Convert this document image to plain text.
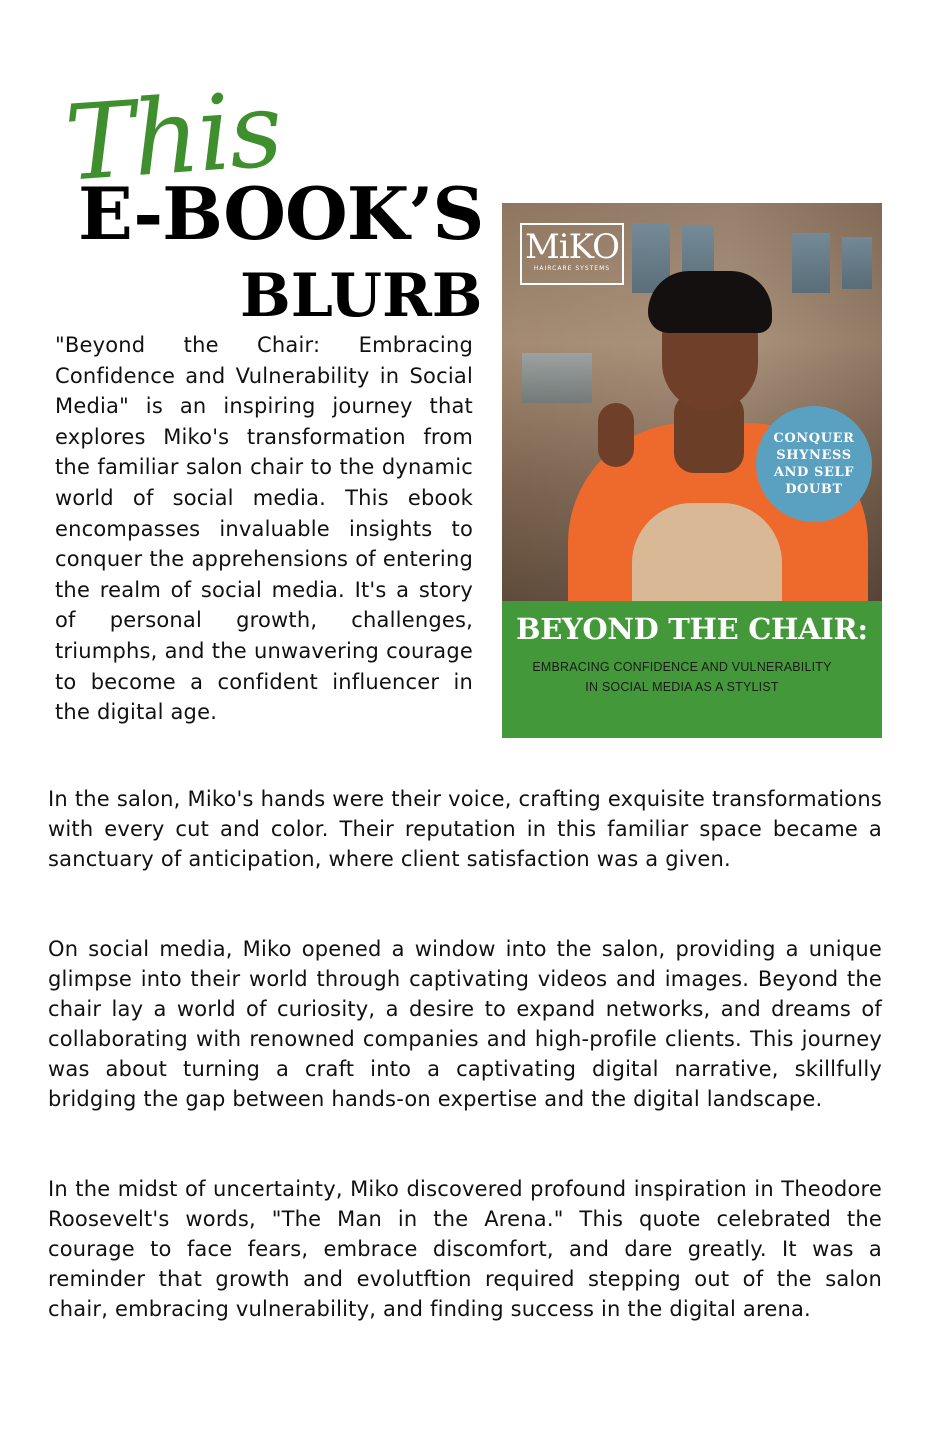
This
E-BOOK’S
BLURB
"Beyond the Chair: Embracing Confidence and Vulnerability in Social Media" is an inspiring journey that explores Miko's transformation from the familiar salon chair to the dynamic world of social media. This ebook encompasses invaluable insights to conquer the apprehensions of entering the realm of social media. It's a story of personal growth, challenges, triumphs, and the unwavering courage to become a confident influencer in the digital age.
MiKO
HAIRCARE SYSTEMS
CONQUER SHYNESS AND SELF DOUBT
BEYOND THE CHAIR:
EMBRACING CONFIDENCE AND VULNERABILITY
IN SOCIAL MEDIA AS A STYLIST
In the salon, Miko's hands were their voice, crafting exquisite transformations with every cut and color. Their reputation in this familiar space became a sanctuary of anticipation, where client satisfaction was a given.
On social media, Miko opened a window into the salon, providing a unique glimpse into their world through captivating videos and images. Beyond the chair lay a world of curiosity, a desire to expand networks, and dreams of collaborating with renowned companies and high-profile clients. This journey was about turning a craft into a captivating digital narrative, skillfully bridging the gap between hands-on expertise and the digital landscape.
In the midst of uncertainty, Miko discovered profound inspiration in Theodore Roosevelt's words, "The Man in the Arena." This quote celebrated the courage to face fears, embrace discomfort, and dare greatly. It was a reminder that growth and evolutftion required stepping out of the salon chair, embracing vulnerability, and finding success in the digital arena.
